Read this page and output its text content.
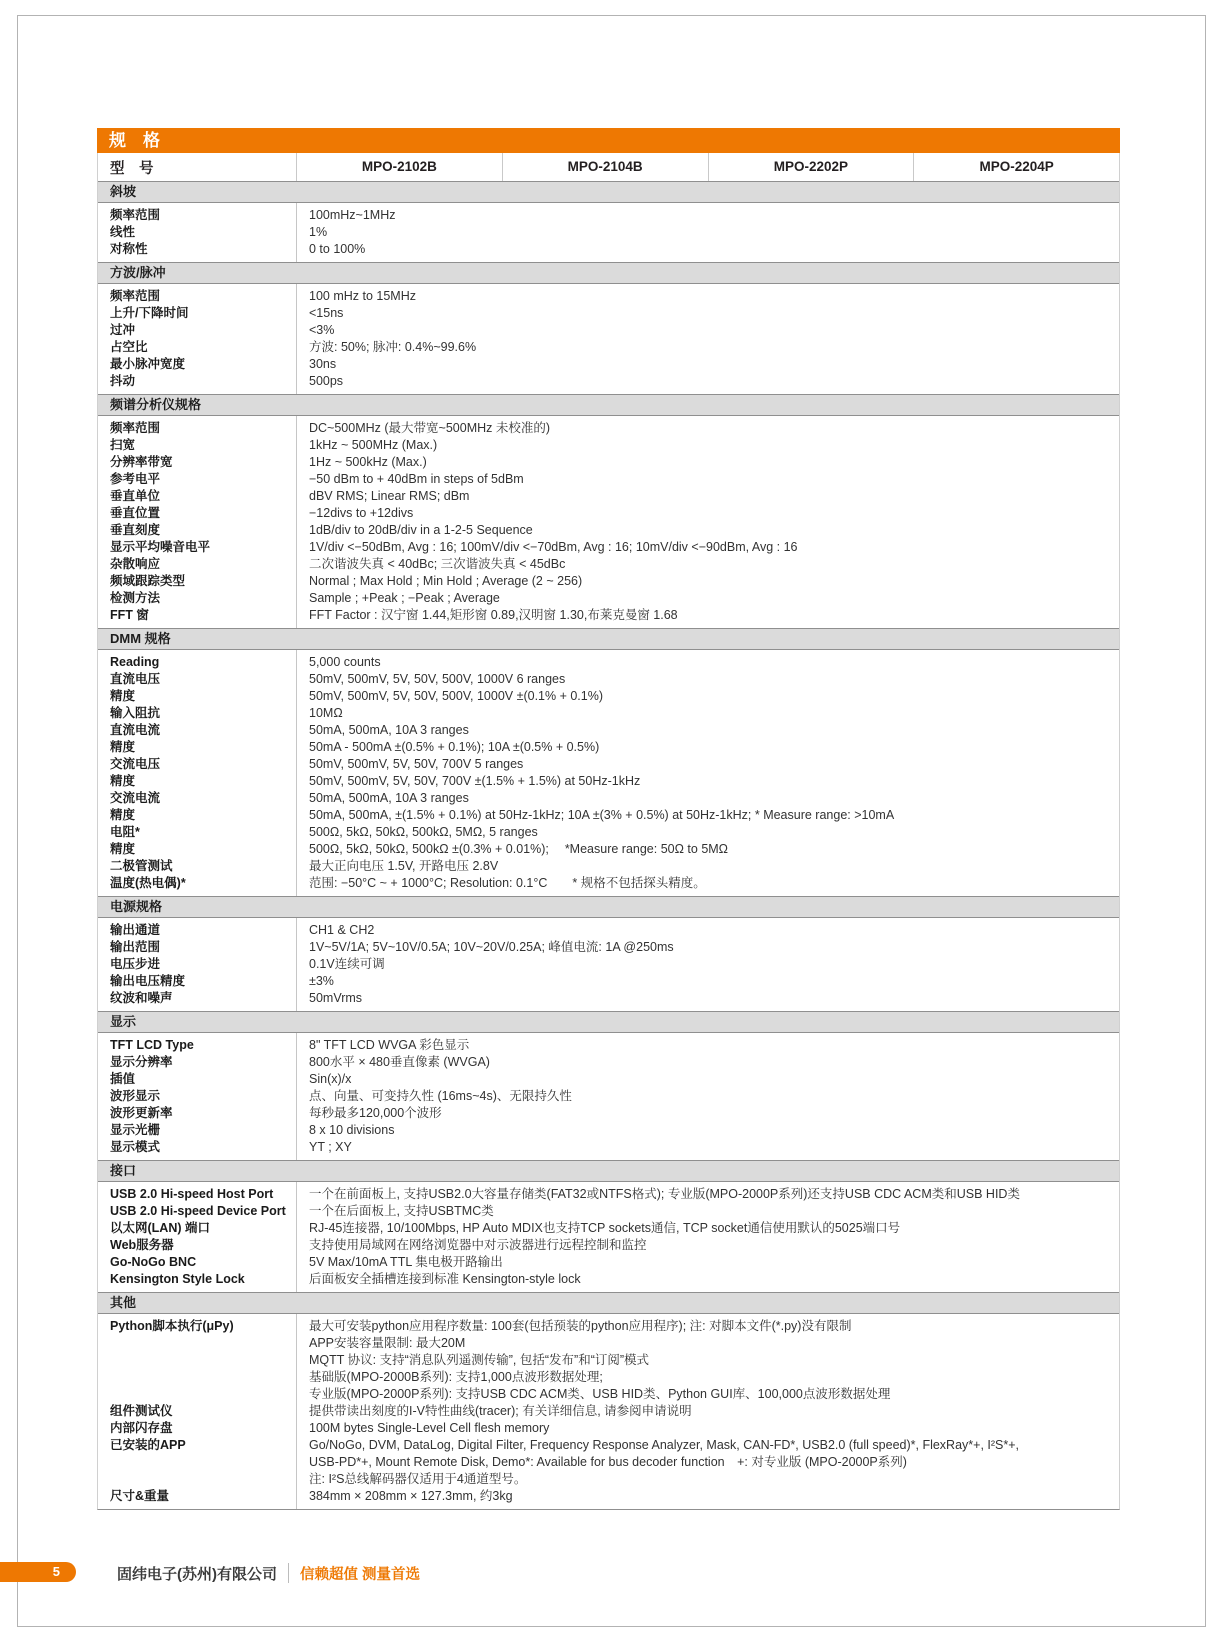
规　格
型　号	MPO-2102B	MPO-2104B	MPO-2202P	MPO-2204P
斜坡
频率范围	100mHz~1MHz
线性	1%
对称性	0 to 100%
方波/脉冲
频率范围	100 mHz to 15MHz
上升/下降时间	<15ns
过冲	<3%
占空比	方波: 50%; 脉冲: 0.4%~99.6%
最小脉冲宽度	30ns
抖动	500ps
频谱分析仪规格
频率范围	DC~500MHz (最大带宽~500MHz 未校准的)
扫宽	1kHz ~ 500MHz (Max.)
分辨率带宽	1Hz ~ 500kHz (Max.)
参考电平	−50 dBm to + 40dBm in steps of 5dBm
垂直单位	dBV RMS; Linear RMS; dBm
垂直位置	−12divs to +12divs
垂直刻度	1dB/div to 20dB/div in a 1-2-5 Sequence
显示平均噪音电平	1V/div <−50dBm, Avg : 16; 100mV/div <−70dBm, Avg : 16; 10mV/div <−90dBm, Avg : 16
杂散响应	二次谐波失真 < 40dBc; 三次谐波失真 < 45dBc
频域跟踪类型	Normal ; Max Hold ; Min Hold ; Average (2 ~ 256)
检测方法	Sample ; +Peak ; −Peak ; Average
FFT 窗	FFT Factor : 汉宁窗 1.44,矩形窗 0.89,汉明窗 1.30,布莱克曼窗 1.68
DMM 规格
Reading	5,000 counts
直流电压	50mV, 500mV, 5V, 50V, 500V, 1000V 6 ranges
精度	50mV, 500mV, 5V, 50V, 500V, 1000V ±(0.1% + 0.1%)
输入阻抗	10MΩ
直流电流	50mA, 500mA, 10A 3 ranges
精度	50mA - 500mA ±(0.5% + 0.1%); 10A ±(0.5% + 0.5%)
交流电压	50mV, 500mV, 5V, 50V, 700V 5 ranges
精度	50mV, 500mV, 5V, 50V, 700V ±(1.5% + 1.5%) at 50Hz-1kHz
交流电流	50mA, 500mA, 10A 3 ranges
精度	50mA, 500mA, ±(1.5% + 0.1%) at 50Hz-1kHz; 10A ±(3% + 0.5%) at 50Hz-1kHz; * Measure range: >10mA
电阻*	500Ω, 5kΩ, 50kΩ, 500kΩ, 5MΩ, 5 ranges
精度	500Ω, 5kΩ, 50kΩ, 500kΩ ±(0.3% + 0.01%); 　*Measure range: 50Ω to 5MΩ
二极管测试	最大正向电压 1.5V, 开路电压 2.8V
温度(热电偶)*	范围: −50°C ~ + 1000°C; Resolution: 0.1°C　　* 规格不包括探头精度。
电源规格
输出通道	CH1 & CH2
输出范围	1V~5V/1A; 5V~10V/0.5A; 10V~20V/0.25A; 峰值电流: 1A @250ms
电压步进	0.1V连续可调
输出电压精度	±3%
纹波和噪声	50mVrms
显示
TFT LCD Type	8" TFT LCD WVGA 彩色显示
显示分辨率	800水平 × 480垂直像素 (WVGA)
插值	Sin(x)/x
波形显示	点、向量、可变持久性 (16ms~4s)、无限持久性
波形更新率	每秒最多120,000个波形
显示光栅	8 x 10 divisions
显示模式	YT ; XY
接口
USB 2.0 Hi-speed Host Port	一个在前面板上, 支持USB2.0大容量存储类(FAT32或NTFS格式); 专业版(MPO-2000P系列)还支持USB CDC ACM类和USB HID类
USB 2.0 Hi-speed Device Port	一个在后面板上, 支持USBTMC类
以太网(LAN) 端口	RJ-45连接器, 10/100Mbps, HP Auto MDIX也支持TCP sockets通信, TCP socket通信使用默认的5025端口号
Web服务器	支持使用局域网在网络浏览器中对示波器进行远程控制和监控
Go-NoGo BNC	5V Max/10mA TTL 集电极开路输出
Kensington Style Lock	后面板安全插槽连接到标准 Kensington-style lock
其他
Python脚本执行(μPy)	最大可安装python应用程序数量: 100套(包括预装的python应用程序); 注: 对脚本文件(*.py)没有限制
APP安装容量限制: 最大20M
MQTT 协议: 支持“消息队列遥测传输”, 包括“发布”和“订阅”模式
基础版(MPO-2000B系列): 支持1,000点波形数据处理;
专业版(MPO-2000P系列): 支持USB CDC ACM类、USB HID类、Python GUI库、100,000点波形数据处理
组件测试仪	提供带读出刻度的I-V特性曲线(tracer); 有关详细信息, 请参阅申请说明
内部闪存盘	100M bytes Single-Level Cell flesh memory
已安装的APP	Go/NoGo, DVM, DataLog, Digital Filter, Frequency Response Analyzer, Mask, CAN-FD*, USB2.0 (full speed)*, FlexRay*+, I²S*+,
USB-PD*+, Mount Remote Disk, Demo*: Available for bus decoder function　+: 对专业版 (MPO-2000P系列)
注: I²S总线解码器仅适用于4通道型号。
尺寸&重量	384mm × 208mm × 127.3mm, 约3kg
5	固纬电子(苏州)有限公司 信赖超值 测量首选
